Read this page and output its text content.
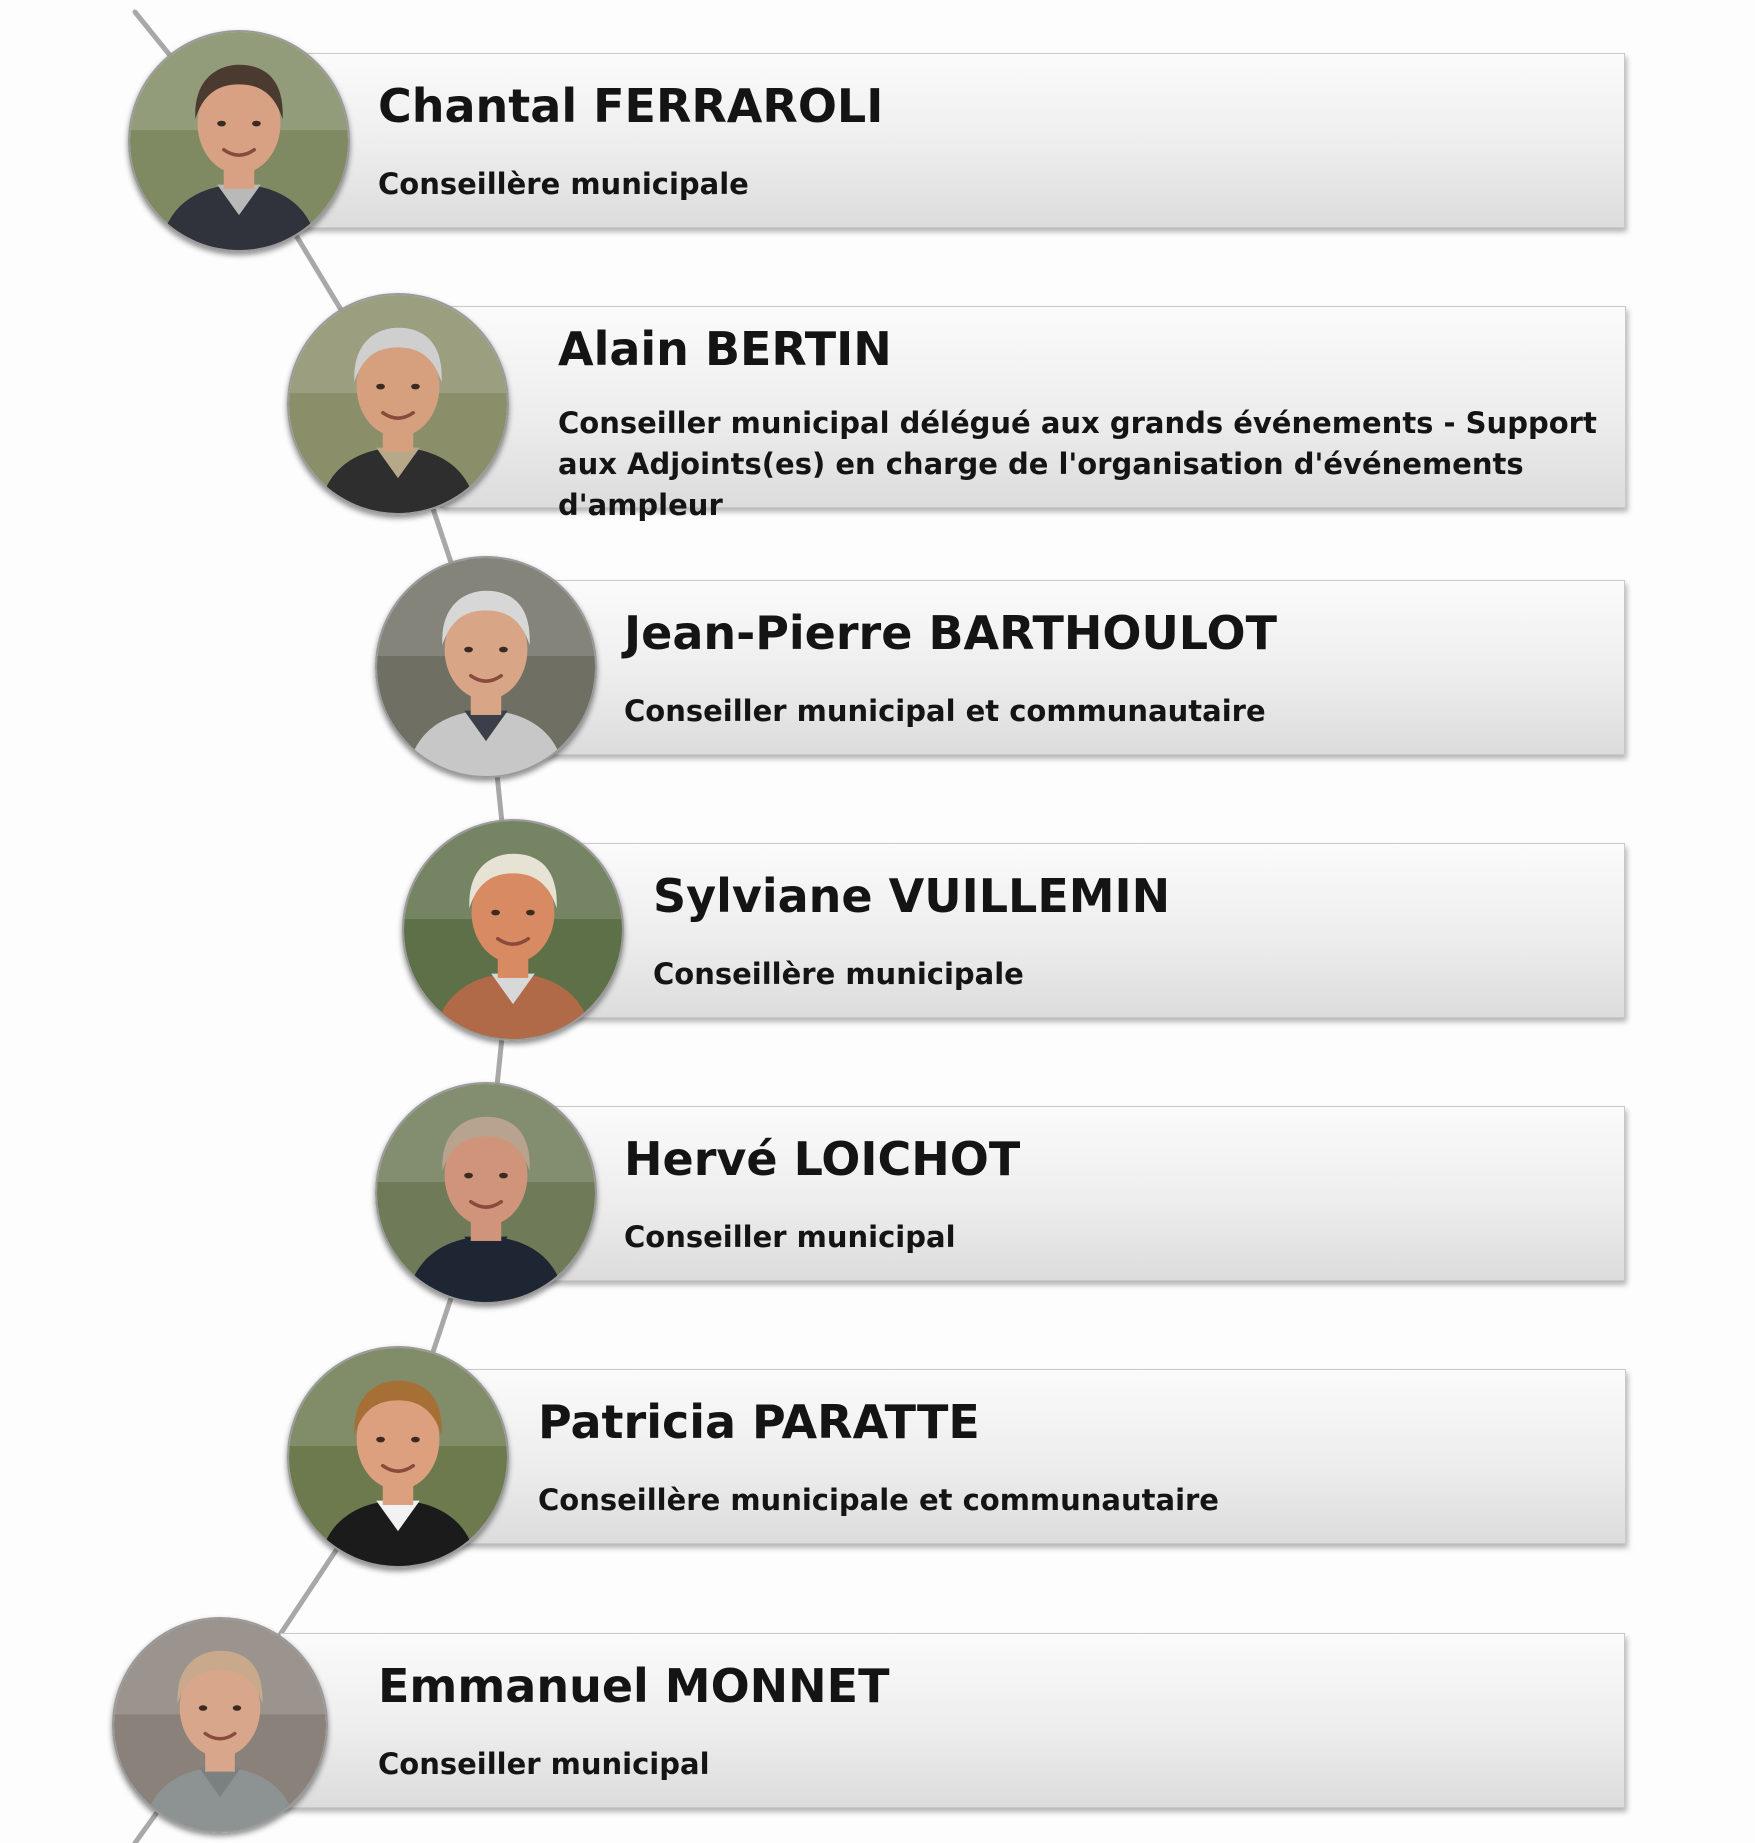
Chantal FERRAROLI
Conseillère municipale
Alain BERTIN
Conseiller municipal délégué aux grands événements - Support aux Adjoints(es) en charge de l'organisation d'événements d'ampleur
Jean-Pierre BARTHOULOT
Conseiller municipal et communautaire
Sylviane VUILLEMIN
Conseillère municipale
Hervé LOICHOT
Conseiller municipal
Patricia PARATTE
Conseillère municipale et communautaire
Emmanuel MONNET
Conseiller municipal
